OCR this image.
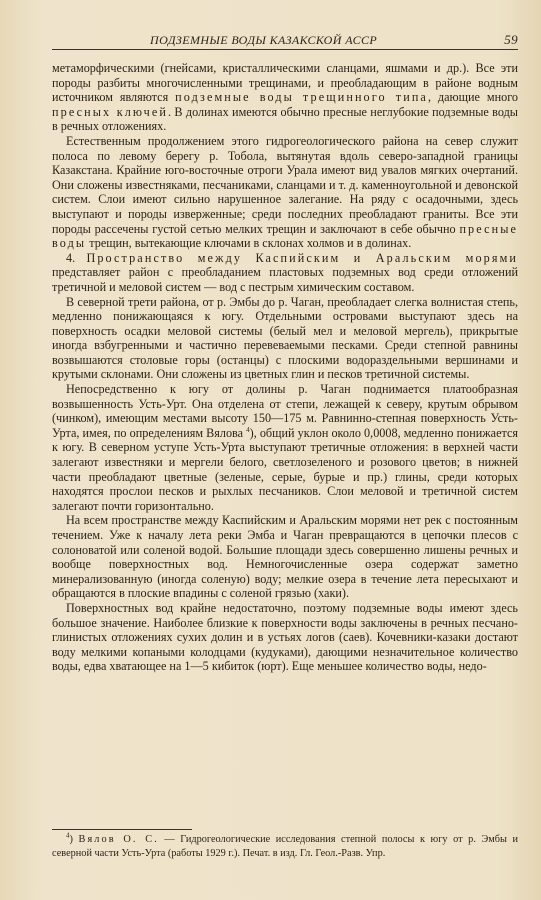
ПОДЗЕМНЫЕ ВОДЫ КАЗАКСКОЙ АССР	59

метаморфическими (гнейсами, кристаллическими сланцами, яшмами и др.). Все эти породы разбиты многочисленными трещинами, и преобладающим в районе водным источником являются подземные воды трещинного типа, дающие много пресных ключей. В долинах имеются обычно пресные неглубокие подземные воды в речных отложениях.

Естественным продолжением этого гидрогеологического района на север служит полоса по левому берегу р. Тобола, вытянутая вдоль северо-западной границы Казакстана. Крайние юго-восточные отроги Урала имеют вид увалов мягких очертаний. Они сложены известняками, песчаниками, сланцами и т. д. каменноугольной и девонской систем. Слои имеют сильно нарушенное залегание. На ряду с осадочными, здесь выступают и породы изверженные; среди последних преобладают граниты. Все эти породы рассечены густой сетью мелких трещин и заключают в себе обычно пресные воды трещин, вытекающие ключами в склонах холмов и в долинах.

4. Пространство между Каспийским и Аральским морями представляет район с преобладанием пластовых подземных вод среди отложений третичной и меловой систем — вод с пестрым химическим составом.

В северной трети района, от р. Эмбы до р. Чаган, преобладает слегка волнистая степь, медленно понижающаяся к югу. Отдельными островами выступают здесь на поверхность осадки меловой системы (белый мел и меловой мергель), прикрытые иногда взбугренными и частично перевеваемыми песками. Среди степной равнины возвышаются столовые горы (останцы) с плоскими водораздельными вершинами и крутыми склонами. Они сложены из цветных глин и песков третичной системы.

Непосредственно к югу от долины р. Чаган поднимается платообразная возвышенность Усть-Урт. Она отделена от степи, лежащей к северу, крутым обрывом (чинком), имеющим местами высоту 150—175 м. Равнинно-степная поверхность Усть-Урта, имея, по определениям Вялова $^4$), общий уклон около 0,0008, медленно понижается к югу. В северном уступе Усть-Урта выступают третичные отложения: в верхней части залегают известняки и мергели белого, светлозеленого и розового цветов; в нижней части преобладают цветные (зеленые, серые, бурые и пр.) глины, среди которых находятся прослои песков и рыхлых песчаников. Слои меловой и третичной систем залегают почти горизонтально.

На всем пространстве между Каспийским и Аральским морями нет рек с постоянным течением. Уже к началу лета реки Эмба и Чаган превращаются в цепочки плесов с солоноватой или соленой водой. Большие площади здесь совершенно лишены речных и вообще поверхностных вод. Немногочисленные озера содержат заметно минерализованную (иногда соленую) воду; мелкие озера в течение лета пересыхают и обращаются в плоские впадины с соленой грязью (хаки).

Поверхностных вод крайне недостаточно, поэтому подземные воды имеют здесь большое значение. Наиболее близкие к поверхности воды заключены в речных песчано-глинистых отложениях сухих долин и в устьях логов (саев). Кочевники-казаки достают воду мелкими копаными колодцами (кудуками), дающими незначительное количество воды, едва хватающее на 1—5 кибиток (юрт). Еще меньшее количество воды, недо-

$^4$) Вялов О. С. — Гидрогеологические исследования степной полосы к югу от р. Эмбы и северной части Усть-Урта (работы 1929 г.). Печат. в изд. Гл. Геол.-Разв. Упр.
